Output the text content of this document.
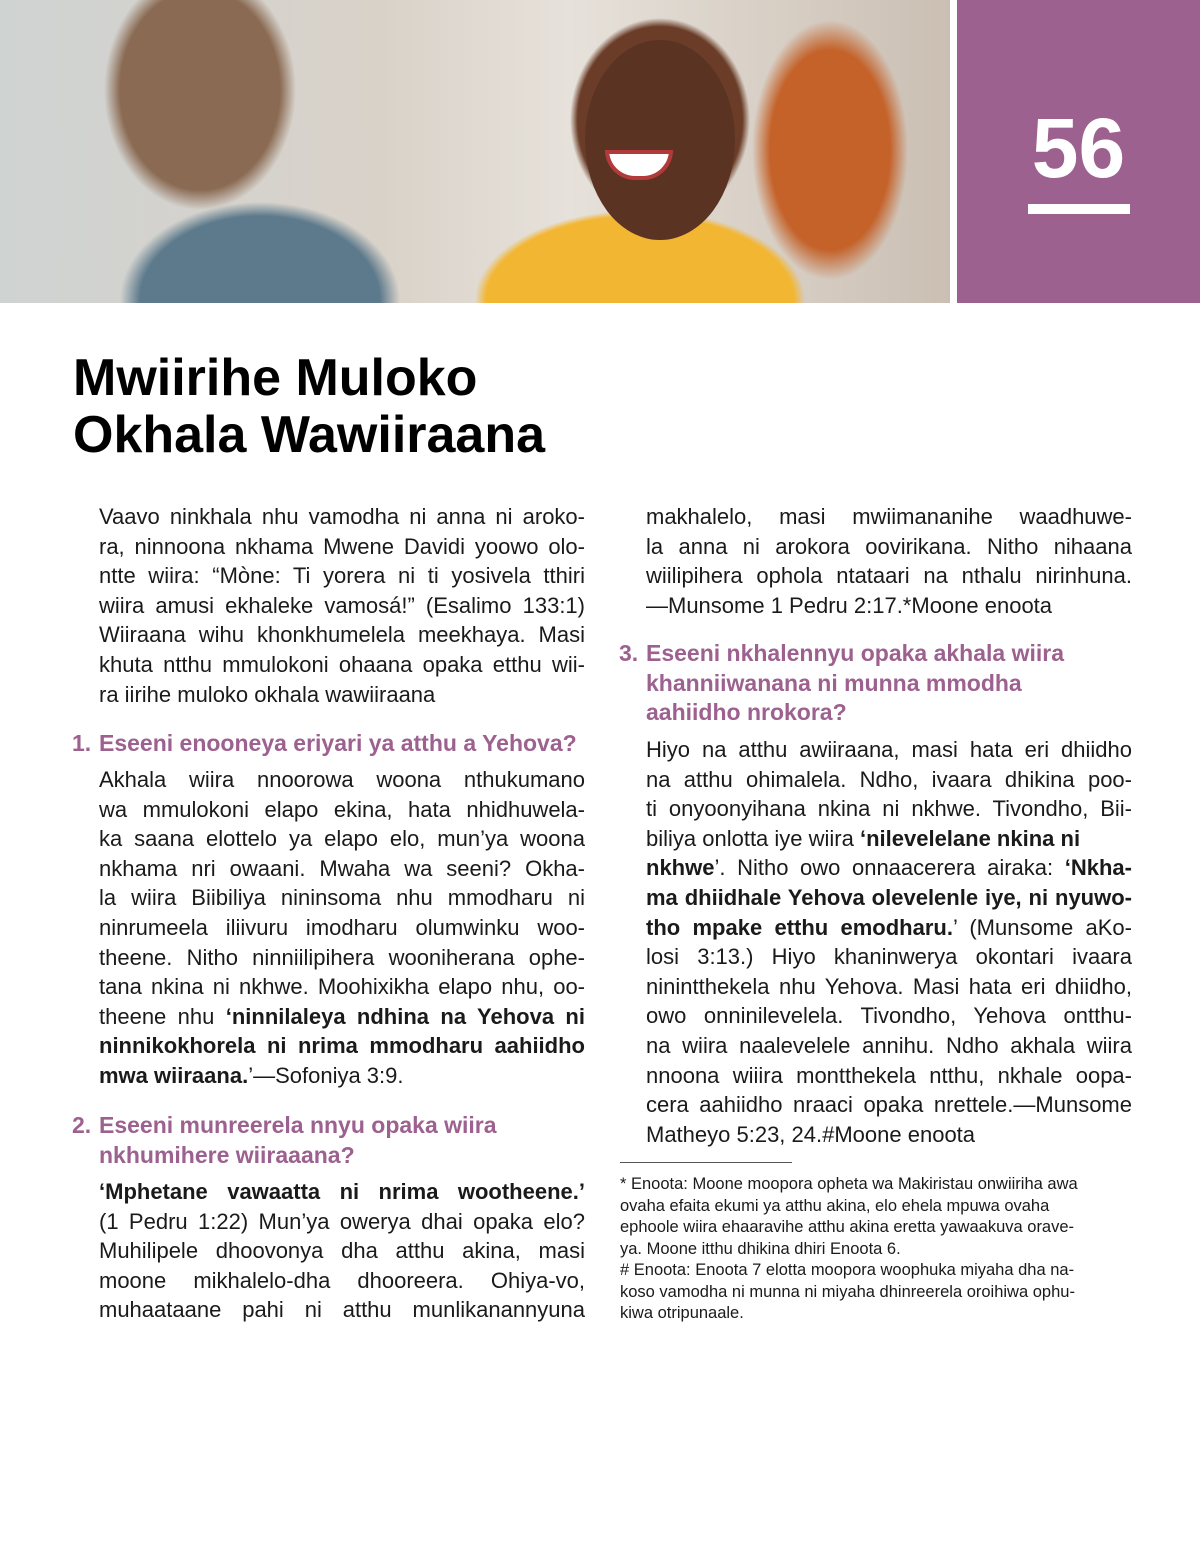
56
Mwiirihe Muloko
Okhala Wawiiraana
Vaavo ninkhala nhu vamodha ni anna ni aroko-
ra, ninnoona nkhama Mwene Davidi yoowo olo-
ntte wiira: “Mòne: Ti yorera ni ti yosivela tthiri
wiira amusi ekhaleke vamosá!” (Esalimo 133:1)
Wiiraana wihu khonkhumelela meekhaya. Masi
khuta ntthu mmulokoni ohaana opaka etthu wii-
ra iirihe muloko okhala wawiiraana
1. Eseeni enooneya eriyari ya atthu a Yehova?
Akhala wiira nnoorowa woona nthukumano
wa mmulokoni elapo ekina, hata nhidhuwela-
ka saana elottelo ya elapo elo, mun’ya woona
nkhama nri owaani. Mwaha wa seeni? Okha-
la wiira Biibiliya nininsoma nhu mmodharu ni
ninrumeela iliivuru imodharu olumwinku woo-
theene. Nitho ninniilipihera wooniherana ophe-
tana nkina ni nkhwe. Moohixikha elapo nhu, oo-
theene nhu ‘ninnilaleya ndhina na Yehova ni
ninnikokhorela ni nrima mmodharu aahiidho
mwa wiiraana.’—Sofoniya 3:9.
2. Eseeni munreerela nnyu opaka wiira
nkhumihere wiiraaana?
‘Mphetane vawaatta ni nrima wootheene.’
(1 Pedru 1:22) Mun’ya owerya dhai opaka elo?
Muhilipele dhoovonya dha atthu akina, masi
moone mikhalelo-dha dhooreera. Ohiya-vo,
muhaataane pahi ni atthu munlikanannyuna
makhalelo, masi mwiimananihe waadhuwe-
la anna ni arokora oovirikana. Nitho nihaana
wiilipihera ophola ntataari na nthalu nirinhuna.
—Munsome 1 Pedru 2:17.*Moone enoota
3. Eseeni nkhalennyu opaka akhala wiira
khanniiwanana ni munna mmodha
aahiidho nrokora?
Hiyo na atthu awiiraana, masi hata eri dhiidho
na atthu ohimalela. Ndho, ivaara dhikina poo-
ti onyoonyihana nkina ni nkhwe. Tivondho, Bii-
biliya onlotta iye wiira ‘nilevelelane nkina ni
nkhwe’. Nitho owo onnaacerera airaka: ‘Nkha-
ma dhiidhale Yehova olevelenle iye, ni nyuwo-
tho mpake etthu emodharu.’ (Munsome aKo-
losi 3:13.) Hiyo khaninwerya okontari ivaara
ninintthekela nhu Yehova. Masi hata eri dhiidho,
owo onninilevelela. Tivondho, Yehova ontthu-
na wiira naalevelele annihu. Ndho akhala wiira
nnoona wiiira montthekela ntthu, nkhale oopa-
cera aahiidho nraaci opaka nrettele.—Munsome
Matheyo 5:23, 24.#Moone enoota
* Enoota: Moone moopora opheta wa Makiristau onwiiriha awa
ovaha efaita ekumi ya atthu akina, elo ehela mpuwa ovaha
ephoole wiira ehaaravihe atthu akina eretta yawaakuva orave-
ya. Moone itthu dhikina dhiri Enoota 6.
# Enoota: Enoota 7 elotta moopora woophuka miyaha dha na-
koso vamodha ni munna ni miyaha dhinreerela oroihiwa ophu-
kiwa otripunaale.
